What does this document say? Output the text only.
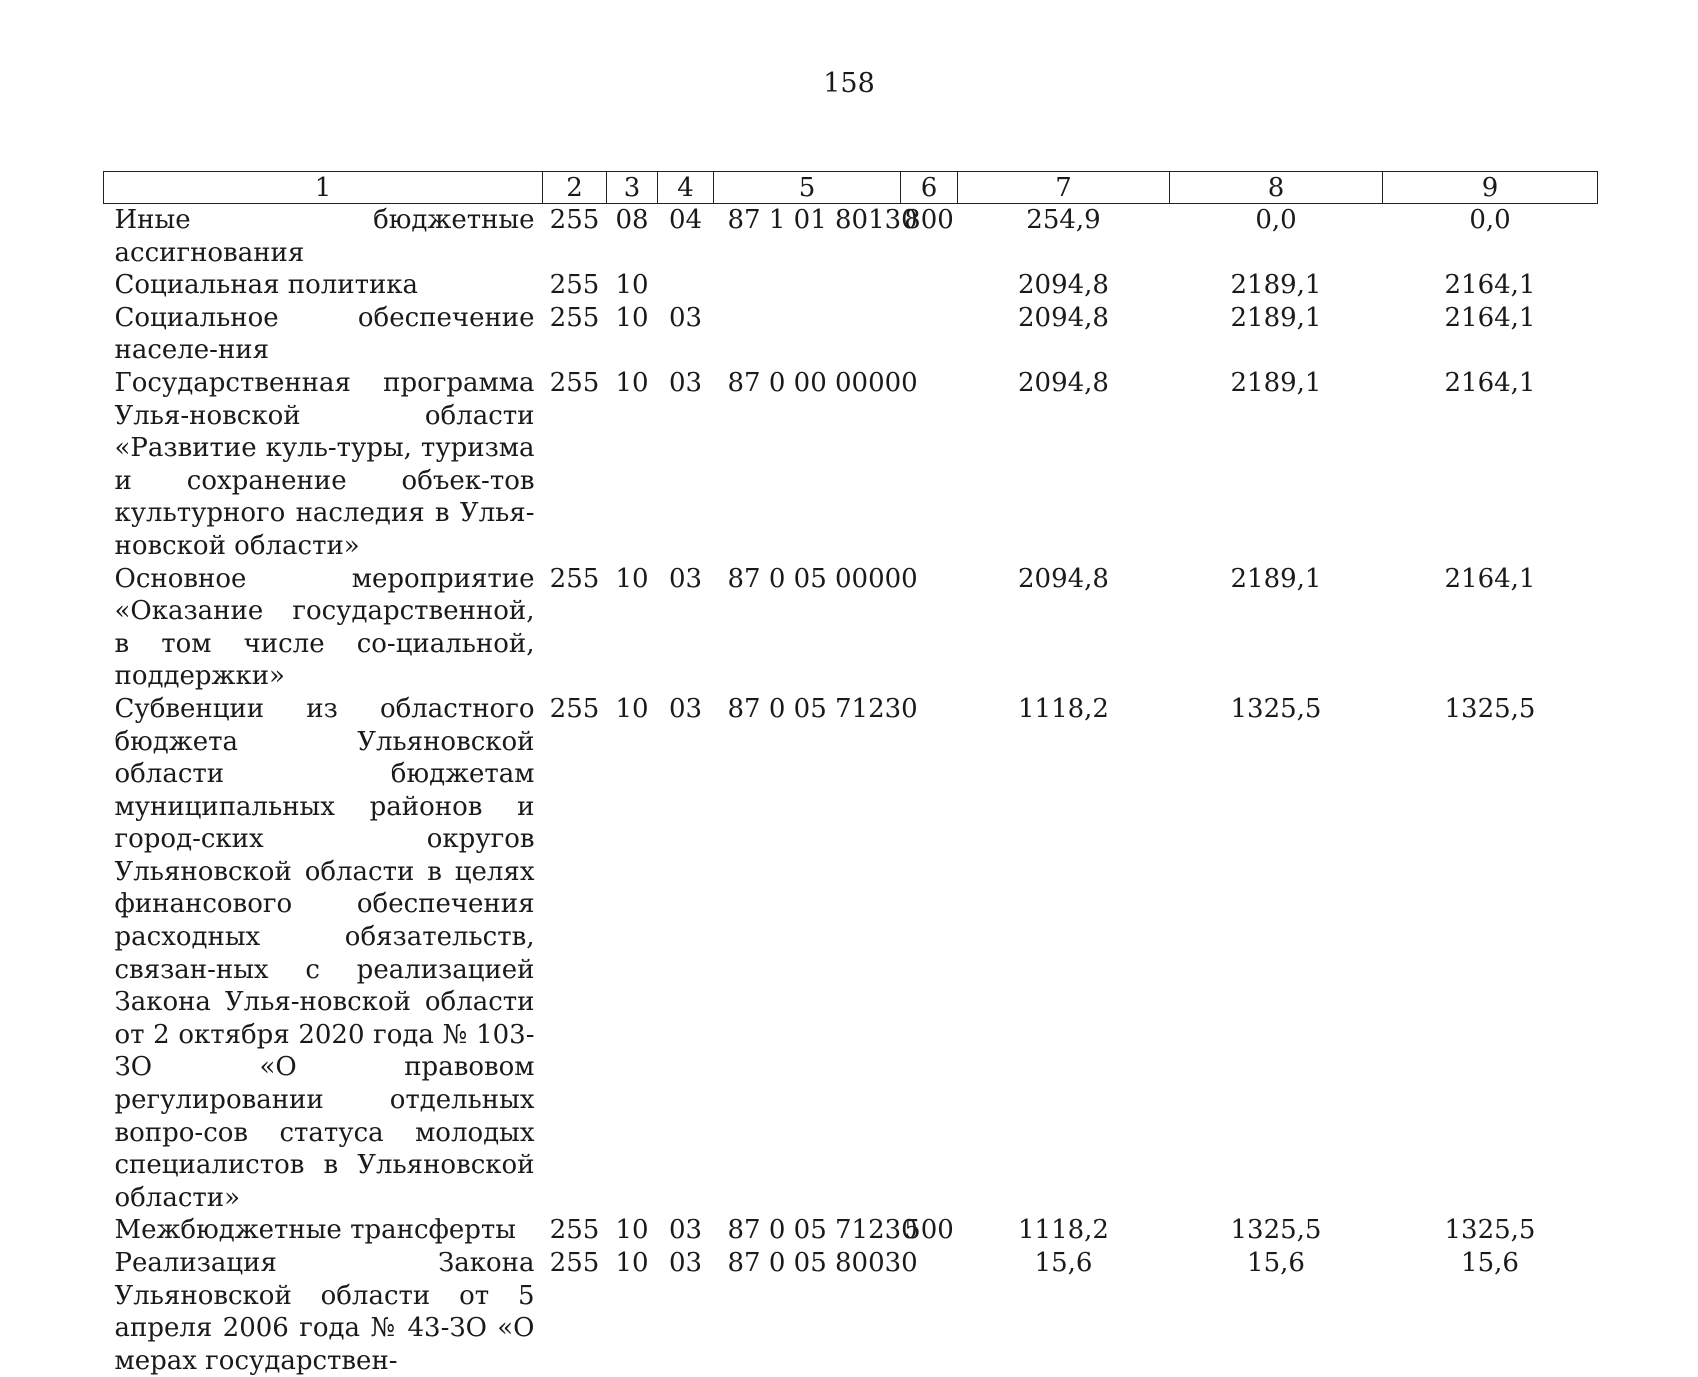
158
1	2	3	4	5	6	7	8	9
Иные бюджетные ассигнования	255	08	04	87 1 01 80130	800	254,9	0,0	0,0
Социальная политика	255	10				2094,8	2189,1	2164,1
Социальное обеспечение населе-ния	255	10	03			2094,8	2189,1	2164,1
Государственная программа Улья-новской области «Развитие куль-туры, туризма и сохранение объек-тов культурного наследия в Улья-новской области»	255	10	03	87 0 00 00000		2094,8	2189,1	2164,1
Основное мероприятие «Оказание государственной, в том числе со-циальной, поддержки»	255	10	03	87 0 05 00000		2094,8	2189,1	2164,1
Субвенции из областного бюджета Ульяновской области бюджетам муниципальных районов и город-ских округов Ульяновской области в целях финансового обеспечения расходных обязательств, связан-ных с реализацией Закона Улья-новской области от 2 октября 2020 года № 103-ЗО «О правовом регулировании отдельных вопро-сов статуса молодых специалистов в Ульяновской области»	255	10	03	87 0 05 71230		1118,2	1325,5	1325,5
Межбюджетные трансферты	255	10	03	87 0 05 71230	500	1118,2	1325,5	1325,5
Реализация Закона Ульяновской области от 5 апреля 2006 года № 43-ЗО «О мерах государствен-	255	10	03	87 0 05 80030		15,6	15,6	15,6
